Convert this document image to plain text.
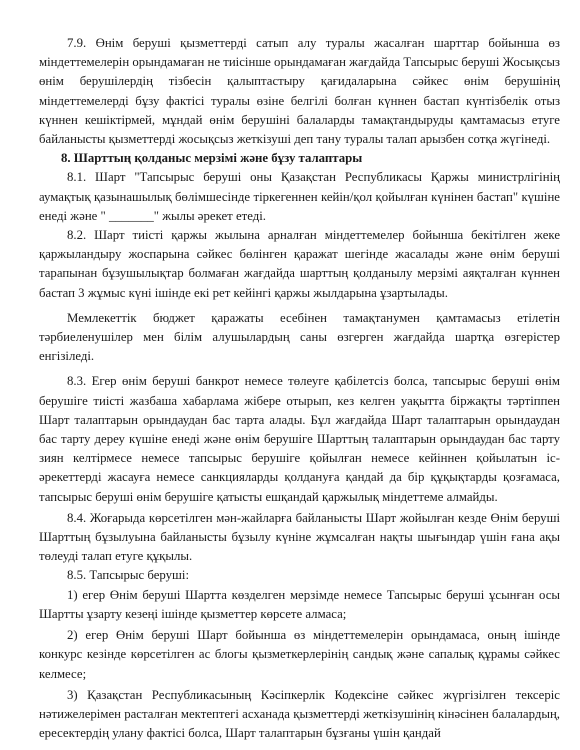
7.9. Өнім беруші қызметтерді сатып алу туралы жасалған шарттар бойынша өз міндеттемелерін орындамаған не тиісінше орындамаған жағдайда Тапсырыс беруші Жосықсыз өнім берушілердің тізбесін қалыптастыру қағидаларына сәйкес өнім берушінің міндеттемелерді бұзу фактісі туралы өзіне белгілі болған күннен бастап күнтізбелік отыз күннен кешіктірмей, мұндай өнім берушіні балаларды тамақтандыруды қамтамасыз етуге байланысты қызметтерді жосықсыз жеткізуші деп тану туралы талап арызбен сотқа жүгінеді.

8. Шарттың қолданыс мерзімі және бұзу талаптары

8.1. Шарт "Тапсырыс беруші оны Қазақстан Республикасы Қаржы министрлігінің аумақтық қазынашылық бөлімшесінде тіркегеннен кейін/қол қойылған күнінен бастап" күшіне енеді және " _______" жылы әрекет етеді.

8.2. Шарт тиісті қаржы жылына арналған міндеттемелер бойынша бекітілген жеке қаржыландыру жоспарына сәйкес бөлінген қаражат шегінде жасалады және өнім беруші тарапынан бұзушылықтар болмаған жағдайда шарттың қолданылу мерзімі аяқталған күннен бастап 3 жұмыс күні ішінде екі рет кейінгі қаржы жылдарына ұзартылады.

Мемлекеттік бюджет қаражаты есебінен тамақтанумен қамтамасыз етілетін тәрбиеленушілер мен білім алушылардың саны өзгерген жағдайда шартқа өзгерістер енгізіледі.

8.3. Егер өнім беруші банкрот немесе төлеуге қабілетсіз болса, тапсырыс беруші өнім берушіге тиісті жазбаша хабарлама жібере отырып, кез келген уақытта біржақты тәртіппен Шарт талаптарын орындаудан бас тарта алады. Бұл жағдайда Шарт талаптарын орындаудан бас тарту дереу күшіне енеді және өнім берушіге Шарттың талаптарын орындаудан бас тарту зиян келтірмесе немесе тапсырыс берушіге қойылған немесе кейіннен қойылатын іс-әрекеттерді жасауға немесе санкцияларды қолдануға қандай да бір құқықтарды қозғамаса, тапсырыс беруші өнім берушіге қатысты ешқандай қаржылық міндеттеме алмайды.

8.4. Жоғарыда көрсетілген мән-жайларға байланысты Шарт жойылған кезде Өнім беруші Шарттың бұзылуына байланысты бұзылу күніне жұмсалған нақты шығындар үшін ғана ақы төлеуді талап етуге құқылы.

8.5. Тапсырыс беруші:

1) егер Өнім беруші Шартта көзделген мерзімде немесе Тапсырыс беруші ұсынған осы Шартты ұзарту кезеңі ішінде қызметтер көрсете алмаса;

2) егер Өнім беруші Шарт бойынша өз міндеттемелерін орындамаса, оның ішінде конкурс кезінде көрсетілген ас блогы қызметкерлерінің сандық және сапалық құрамы сәйкес келмесе;

3) Қазақстан Республикасының Кәсіпкерлік Кодексіне сәйкес жүргізілген тексеріс нәтижелерімен расталған мектептегі асханада қызметтерді жеткізушінің кінәсінен балалардың, ересектердің улану фактісі болса, Шарт талаптарын бұзғаны үшін қандай
